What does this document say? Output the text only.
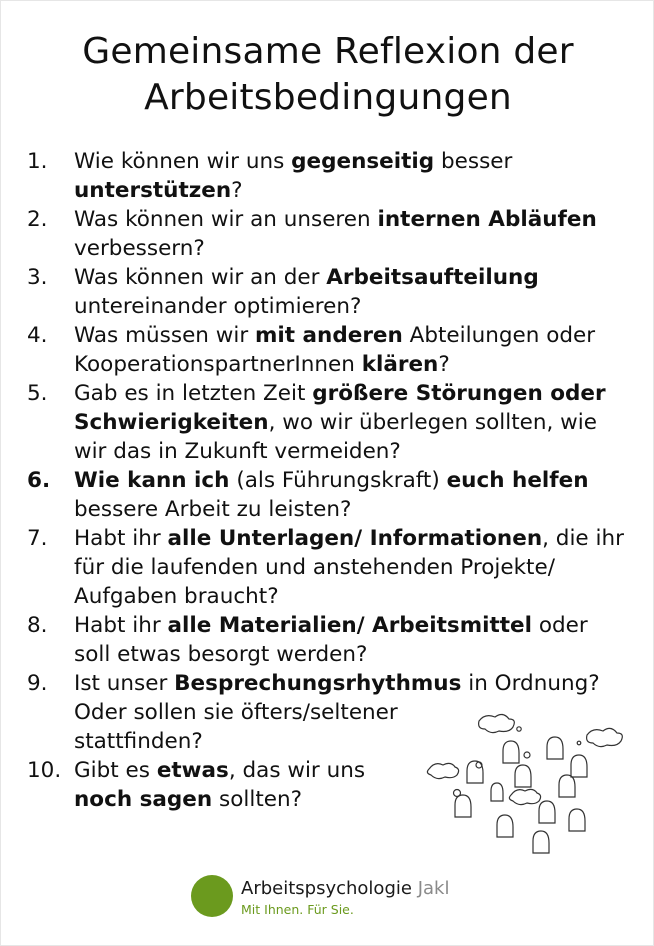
Gemeinsame Reflexion der
Arbeitsbedingungen
1. Wie können wir uns gegenseitig besser
unterstützen?
2. Was können wir an unseren internen Abläufen
verbessern?
3. Was können wir an der Arbeitsaufteilung
untereinander optimieren?
4. Was müssen wir mit anderen Abteilungen oder
KooperationspartnerInnen klären?
5. Gab es in letzten Zeit größere Störungen oder
Schwierigkeiten, wo wir überlegen sollten, wie
wir das in Zukunft vermeiden?
6. Wie kann ich (als Führungskraft) euch helfen
bessere Arbeit zu leisten?
7. Habt ihr alle Unterlagen/ Informationen, die ihr
für die laufenden und anstehenden Projekte/
Aufgaben braucht?
8. Habt ihr alle Materialien/ Arbeitsmittel oder
soll etwas besorgt werden?
9. Ist unser Besprechungsrhythmus in Ordnung?
Oder sollen sie öfters/seltener
stattfinden?
10. Gibt es etwas, das wir uns
noch sagen sollten?
Arbeitspsychologie Jakl
Mit Ihnen. Für Sie.
